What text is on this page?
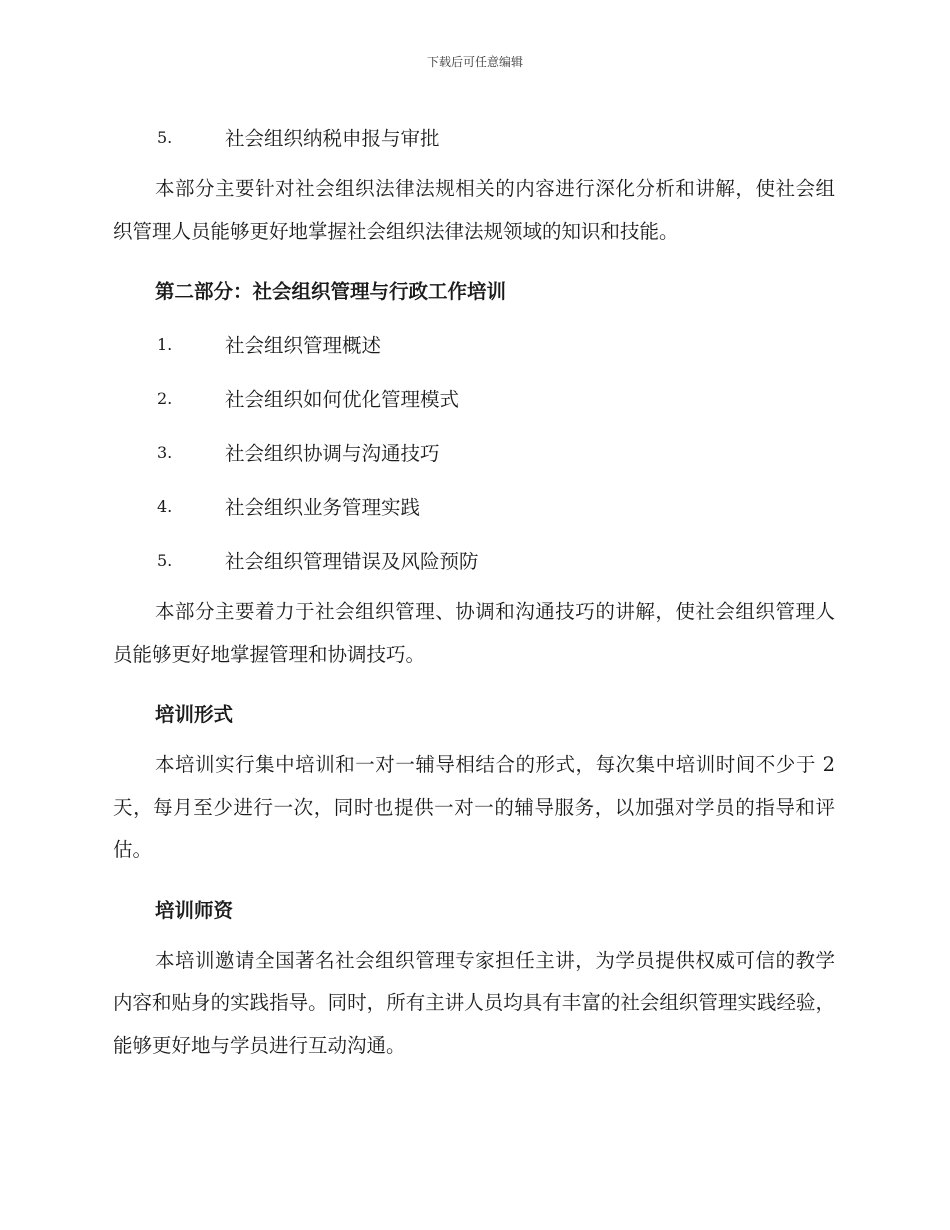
下载后可任意编辑
5.	社会组织纳税申报与审批

本部分主要针对社会组织法律法规相关的内容进行深化分析和讲解，使社会组织管理人员能够更好地掌握社会组织法律法规领域的知识和技能。

第二部分：社会组织管理与行政工作培训
1.	社会组织管理概述
2.	社会组织如何优化管理模式
3.	社会组织协调与沟通技巧
4.	社会组织业务管理实践
5.	社会组织管理错误及风险预防

本部分主要着力于社会组织管理、协调和沟通技巧的讲解，使社会组织管理人员能够更好地掌握管理和协调技巧。

培训形式

本培训实行集中培训和一对一辅导相结合的形式，每次集中培训时间不少于 2 天，每月至少进行一次，同时也提供一对一的辅导服务，以加强对学员的指导和评估。

培训师资

本培训邀请全国著名社会组织管理专家担任主讲，为学员提供权威可信的教学内容和贴身的实践指导。同时，所有主讲人员均具有丰富的社会组织管理实践经验，能够更好地与学员进行互动沟通。
